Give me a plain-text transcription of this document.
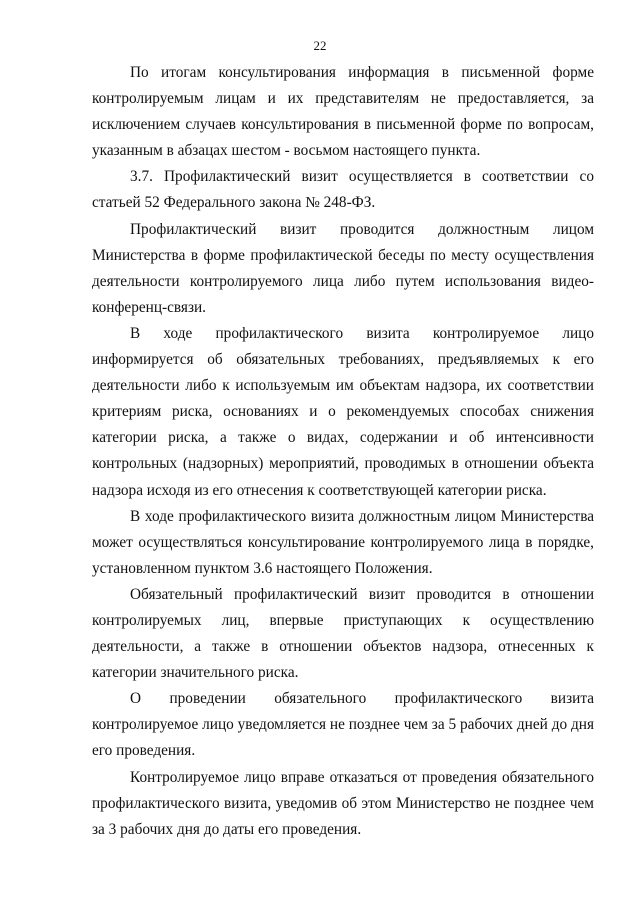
22

По итогам консультирования информация в письменной форме контролируемым лицам и их представителям не предоставляется, за исключением случаев консультирования в письменной форме по вопросам, указанным в абзацах шестом - восьмом настоящего пункта.

3.7. Профилактический визит осуществляется в соответствии со статьей 52 Федерального закона № 248-ФЗ.

Профилактический визит проводится должностным лицом Министерства в форме профилактической беседы по месту осуществления деятельности контролируемого лица либо путем использования видео-конференц-связи.

В ходе профилактического визита контролируемое лицо информируется об обязательных требованиях, предъявляемых к его деятельности либо к используемым им объектам надзора, их соответствии критериям риска, основаниях и о рекомендуемых способах снижения категории риска, а также о видах, содержании и об интенсивности контрольных (надзорных) мероприятий, проводимых в отношении объекта надзора исходя из его отнесения к соответствующей категории риска.

В ходе профилактического визита должностным лицом Министерства может осуществляться консультирование контролируемого лица в порядке, установленном пунктом 3.6 настоящего Положения.

Обязательный профилактический визит проводится в отношении контролируемых лиц, впервые приступающих к осуществлению деятельности, а также в отношении объектов надзора, отнесенных к категории значительного риска.

О проведении обязательного профилактического визита контролируемое лицо уведомляется не позднее чем за 5 рабочих дней до дня его проведения.

Контролируемое лицо вправе отказаться от проведения обязательного профилактического визита, уведомив об этом Министерство не позднее чем за 3 рабочих дня до даты его проведения.
